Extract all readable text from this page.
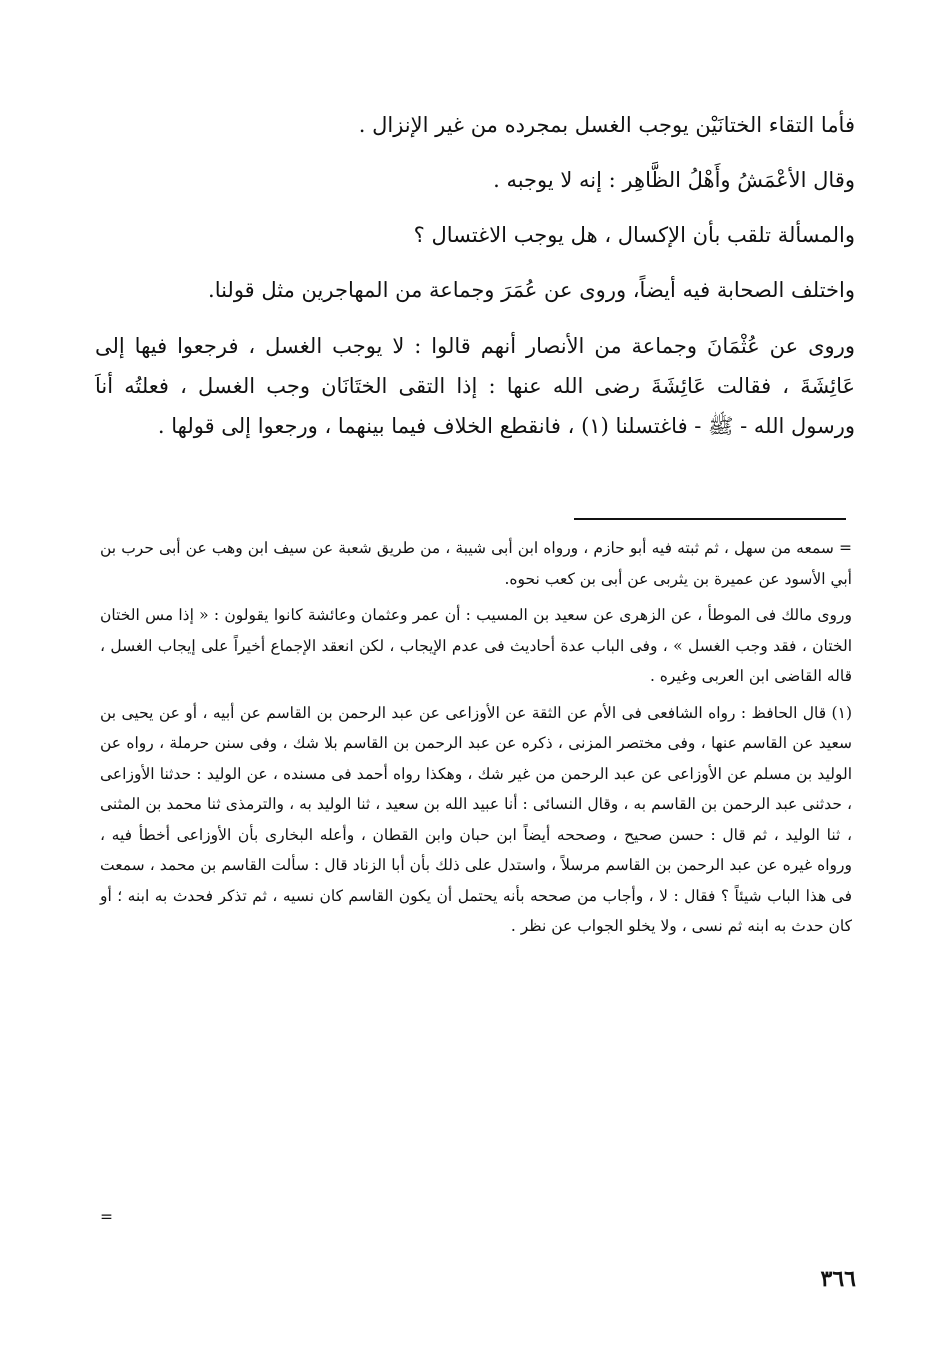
فأما التقاء الختانَيْن يوجب الغسل بمجرده من غير الإنزال .

وقال الأعْمَشُ وأَهْلُ الظَّاهِر : إنه لا يوجبه .

والمسألة تلقب بأن الإكسال ، هل يوجب الاغتسال ؟

واختلف الصحابة فيه أيضاً، وروى عن عُمَرَ وجماعة من المهاجرين مثل قولنا.

وروى عن عُثْمَانَ وجماعة من الأنصار أنهم قالوا : لا يوجب الغسل ، فرجعوا فيها إلى عَائِشَةَ ، فقالت عَائِشَةَ رضى الله عنها : إذا التقى الختَانَان وجب الغسل ، فعلتُه أناَ ورسول الله - ﷺ - فاغتسلنا (١) ، فانقطع الخلاف فيما بينهما ، ورجعوا إلى قولها .

= سمعه من سهل ، ثم ثبته فيه أبو حازم ، ورواه ابن أبى شيبة ، من طريق شعبة عن سيف ابن وهب عن أبى حرب بن أبي الأسود عن عميرة بن يثربى عن أبى بن كعب نحوه.

وروى مالك فى الموطأ ، عن الزهرى عن سعيد بن المسيب : أن عمر وعثمان وعائشة كانوا يقولون : « إذا مس الختان الختان ، فقد وجب الغسل » ، وفى الباب عدة أحاديث فى عدم الإيجاب ، لكن انعقد الإجماع أخيراً على إيجاب الغسل ، قاله القاضى ابن العربى وغيره .

(١) قال الحافظ : رواه الشافعى فى الأم عن الثقة عن الأوزاعى عن عبد الرحمن بن القاسم عن أبيه ، أو عن يحيى بن سعيد عن القاسم عنها ، وفى مختصر المزنى ، ذكره عن عبد الرحمن بن القاسم بلا شك ، وفى سنن حرملة ، رواه عن الوليد بن مسلم عن الأوزاعى عن عبد الرحمن من غير شك ، وهكذا رواه أحمد فى مسنده ، عن الوليد : حدثنا الأوزاعى ، حدثنى عبد الرحمن بن القاسم به ، وقال النسائى : أنا عبيد الله بن سعيد ، ثنا الوليد به ، والترمذى ثنا محمد بن المثنى ، ثنا الوليد ، ثم قال : حسن صحيح ، وصححه أيضاً ابن حبان وابن القطان ، وأعله البخارى بأن الأوزاعى أخطأ فيه ، ورواه غيره عن عبد الرحمن بن القاسم مرسلاً ، واستدل على ذلك بأن أبا الزناد قال : سألت القاسم بن محمد ، سمعت فى هذا الباب شيئاً ؟ فقال : لا ، وأجاب من صححه بأنه يحتمل أن يكون القاسم كان نسيه ، ثم تذكر فحدث به ابنه ؛ أو كان حدث به ابنه ثم نسى ، ولا يخلو الجواب عن نظر .

=
٣٦٦
